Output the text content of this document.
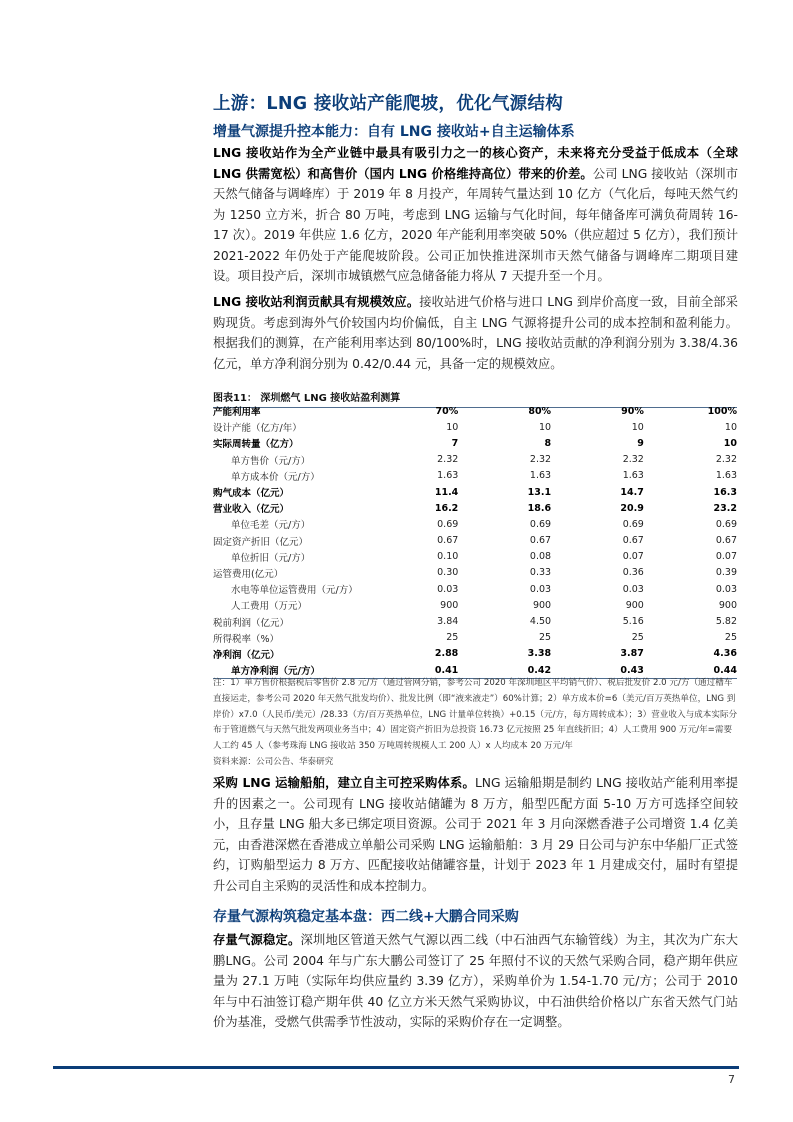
上游：LNG 接收站产能爬坡，优化气源结构
增量气源提升控本能力：自有 LNG 接收站+自主运输体系
LNG 接收站作为全产业链中最具有吸引力之一的核心资产，未来将充分受益于低成本（全球LNG 供需宽松）和高售价（国内 LNG 价格维持高位）带来的价差。公司 LNG 接收站（深圳市天然气储备与调峰库）于 2019 年 8 月投产，年周转气量达到 10 亿方（气化后，每吨天然气约为 1250 立方米，折合 80 万吨，考虑到 LNG 运输与气化时间，每年储备库可满负荷周转 16-17 次）。2019 年供应 1.6 亿方，2020 年产能利用率突破 50%（供应超过 5 亿方），我们预计 2021-2022 年仍处于产能爬坡阶段。公司正加快推进深圳市天然气储备与调峰库二期项目建设。项目投产后，深圳市城镇燃气应急储备能力将从 7 天提升至一个月。
LNG 接收站利润贡献具有规模效应。接收站进气价格与进口 LNG 到岸价高度一致，目前全部采购现货。考虑到海外气价较国内均价偏低，自主 LNG 气源将提升公司的成本控制和盈利能力。根据我们的测算，在产能利用率达到 80/100%时，LNG 接收站贡献的净利润分别为 3.38/4.36 亿元，单方净利润分别为 0.42/0.44 元，具备一定的规模效应。
图表11： 深圳燃气 LNG 接收站盈利测算
产能利用率	70%	80%	90%	100%
设计产能（亿方/年）	10	10	10	10
实际周转量（亿方）	7	8	9	10
单方售价（元/方）	2.32	2.32	2.32	2.32
单方成本价（元/方）	1.63	1.63	1.63	1.63
购气成本（亿元）	11.4	13.1	14.7	16.3
营业收入（亿元）	16.2	18.6	20.9	23.2
单位毛差（元/方）	0.69	0.69	0.69	0.69
固定资产折旧（亿元）	0.67	0.67	0.67	0.67
单位折旧（元/方）	0.10	0.08	0.07	0.07
运管费用(亿元）	0.30	0.33	0.36	0.39
水电等单位运管费用（元/方）	0.03	0.03	0.03	0.03
人工费用（万元）	900	900	900	900
税前利润（亿元）	3.84	4.50	5.16	5.82
所得税率（%）	25	25	25	25
净利润（亿元）	2.88	3.38	3.87	4.36
单方净利润（元/方）	0.41	0.42	0.43	0.44
注：1）单方售价根据税后零售价 2.8 元/方（通过管网分销，参考公司 2020 年深圳地区平均销气价）、税后批发价 2.0 元/方（通过槽车直接运走，参考公司 2020 年天然气批发均价）、批发比例（即“液来液走”）60%计算；2）单方成本价=6（美元/百万英热单位，LNG 到岸价）x7.0（人民币/美元）/28.33（方/百万英热单位，LNG 计量单位转换）+0.15（元/方，每方周转成本）；3）营业收入与成本实际分布于管道燃气与天然气批发两项业务当中；4）固定资产折旧为总投资 16.73 亿元按照 25 年直线折旧；4）人工费用 900 万元/年=需要人工约 45 人（参考珠海 LNG 接收站 350 万吨周转规模人工 200 人）x 人均成本 20 万元/年
资料来源：公司公告、华泰研究
采购 LNG 运输船舶，建立自主可控采购体系。LNG 运输船期是制约 LNG 接收站产能利用率提升的因素之一。公司现有 LNG 接收站储罐为 8 万方，船型匹配方面 5-10 万方可选择空间较小，且存量 LNG 船大多已绑定项目资源。公司于 2021 年 3 月向深燃香港子公司增资 1.4 亿美元，由香港深燃在香港成立单船公司采购 LNG 运输船舶：3 月 29 日公司与沪东中华船厂正式签约，订购船型运力 8 万方、匹配接收站储罐容量，计划于 2023 年 1 月建成交付，届时有望提升公司自主采购的灵活性和成本控制力。
存量气源构筑稳定基本盘：西二线+大鹏合同采购
存量气源稳定。深圳地区管道天然气气源以西二线（中石油西气东输管线）为主，其次为广东大鹏LNG。公司 2004 年与广东大鹏公司签订了 25 年照付不议的天然气采购合同，稳产期年供应量为 27.1 万吨（实际年均供应量约 3.39 亿方），采购单价为 1.54-1.70 元/方；公司于 2010 年与中石油签订稳产期年供 40 亿立方米天然气采购协议，中石油供给价格以广东省天然气门站价为基准，受燃气供需季节性波动，实际的采购价存在一定调整。
7
